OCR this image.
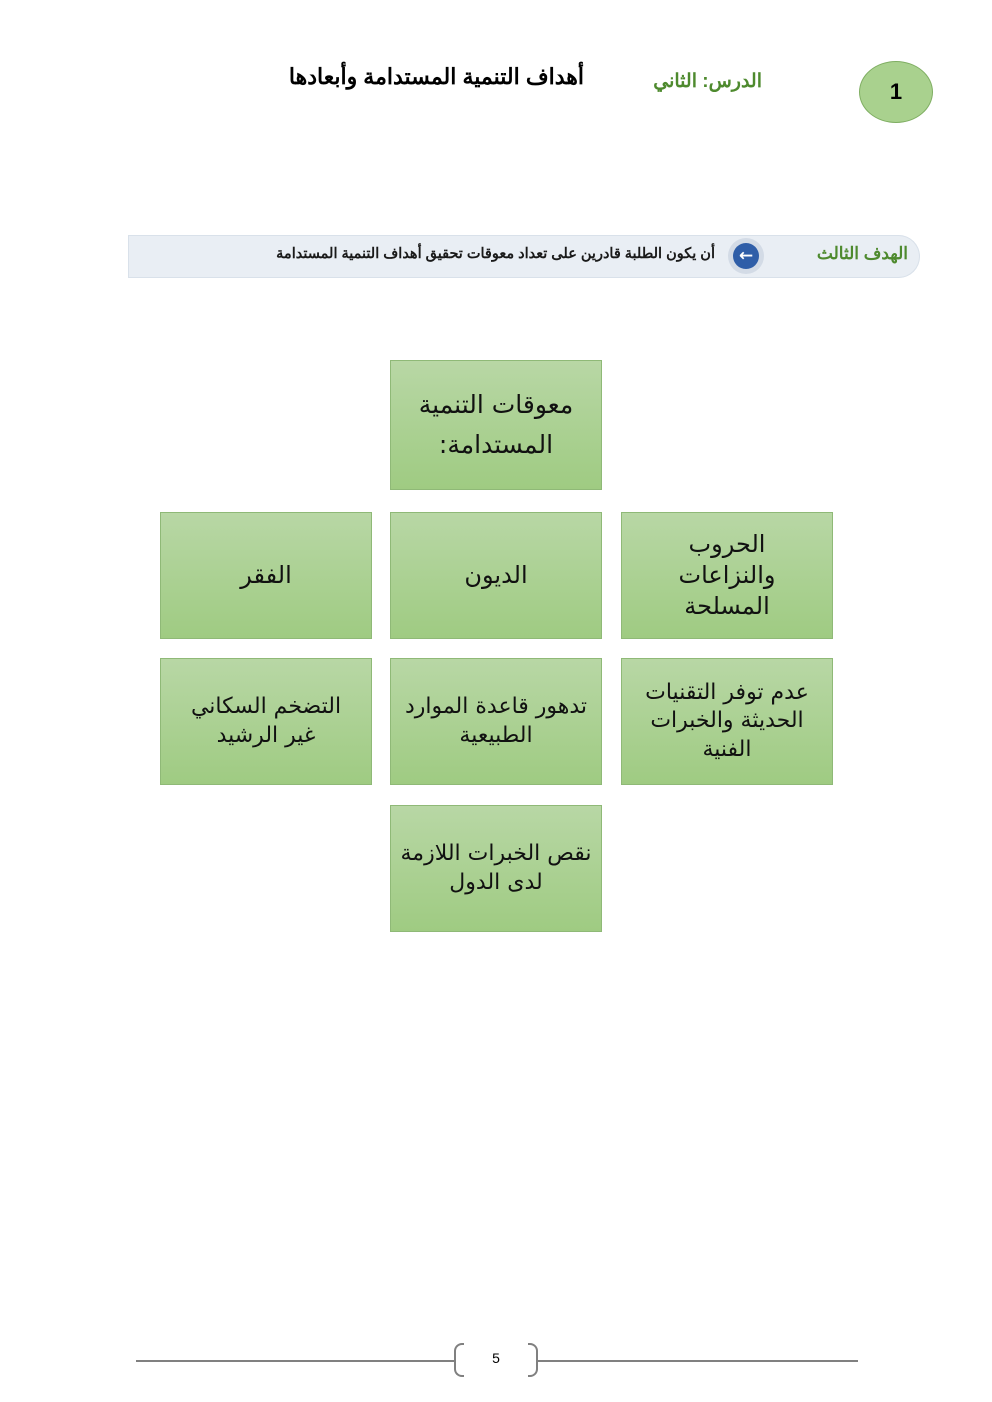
1
الدرس: الثاني
أهداف التنمية المستدامة وأبعادها
الهدف الثالث
←
أن يكون الطلبة قادرين على تعداد معوقات تحقيق أهداف التنمية المستدامة
معوقات التنمية المستدامة:
الحروب والنزاعات المسلحة
الديون
الفقر
عدم توفر التقنيات الحديثة والخبرات الفنية
تدهور قاعدة الموارد الطبيعية
التضخم السكاني غير الرشيد
نقص الخبرات اللازمة لدى الدول
5
